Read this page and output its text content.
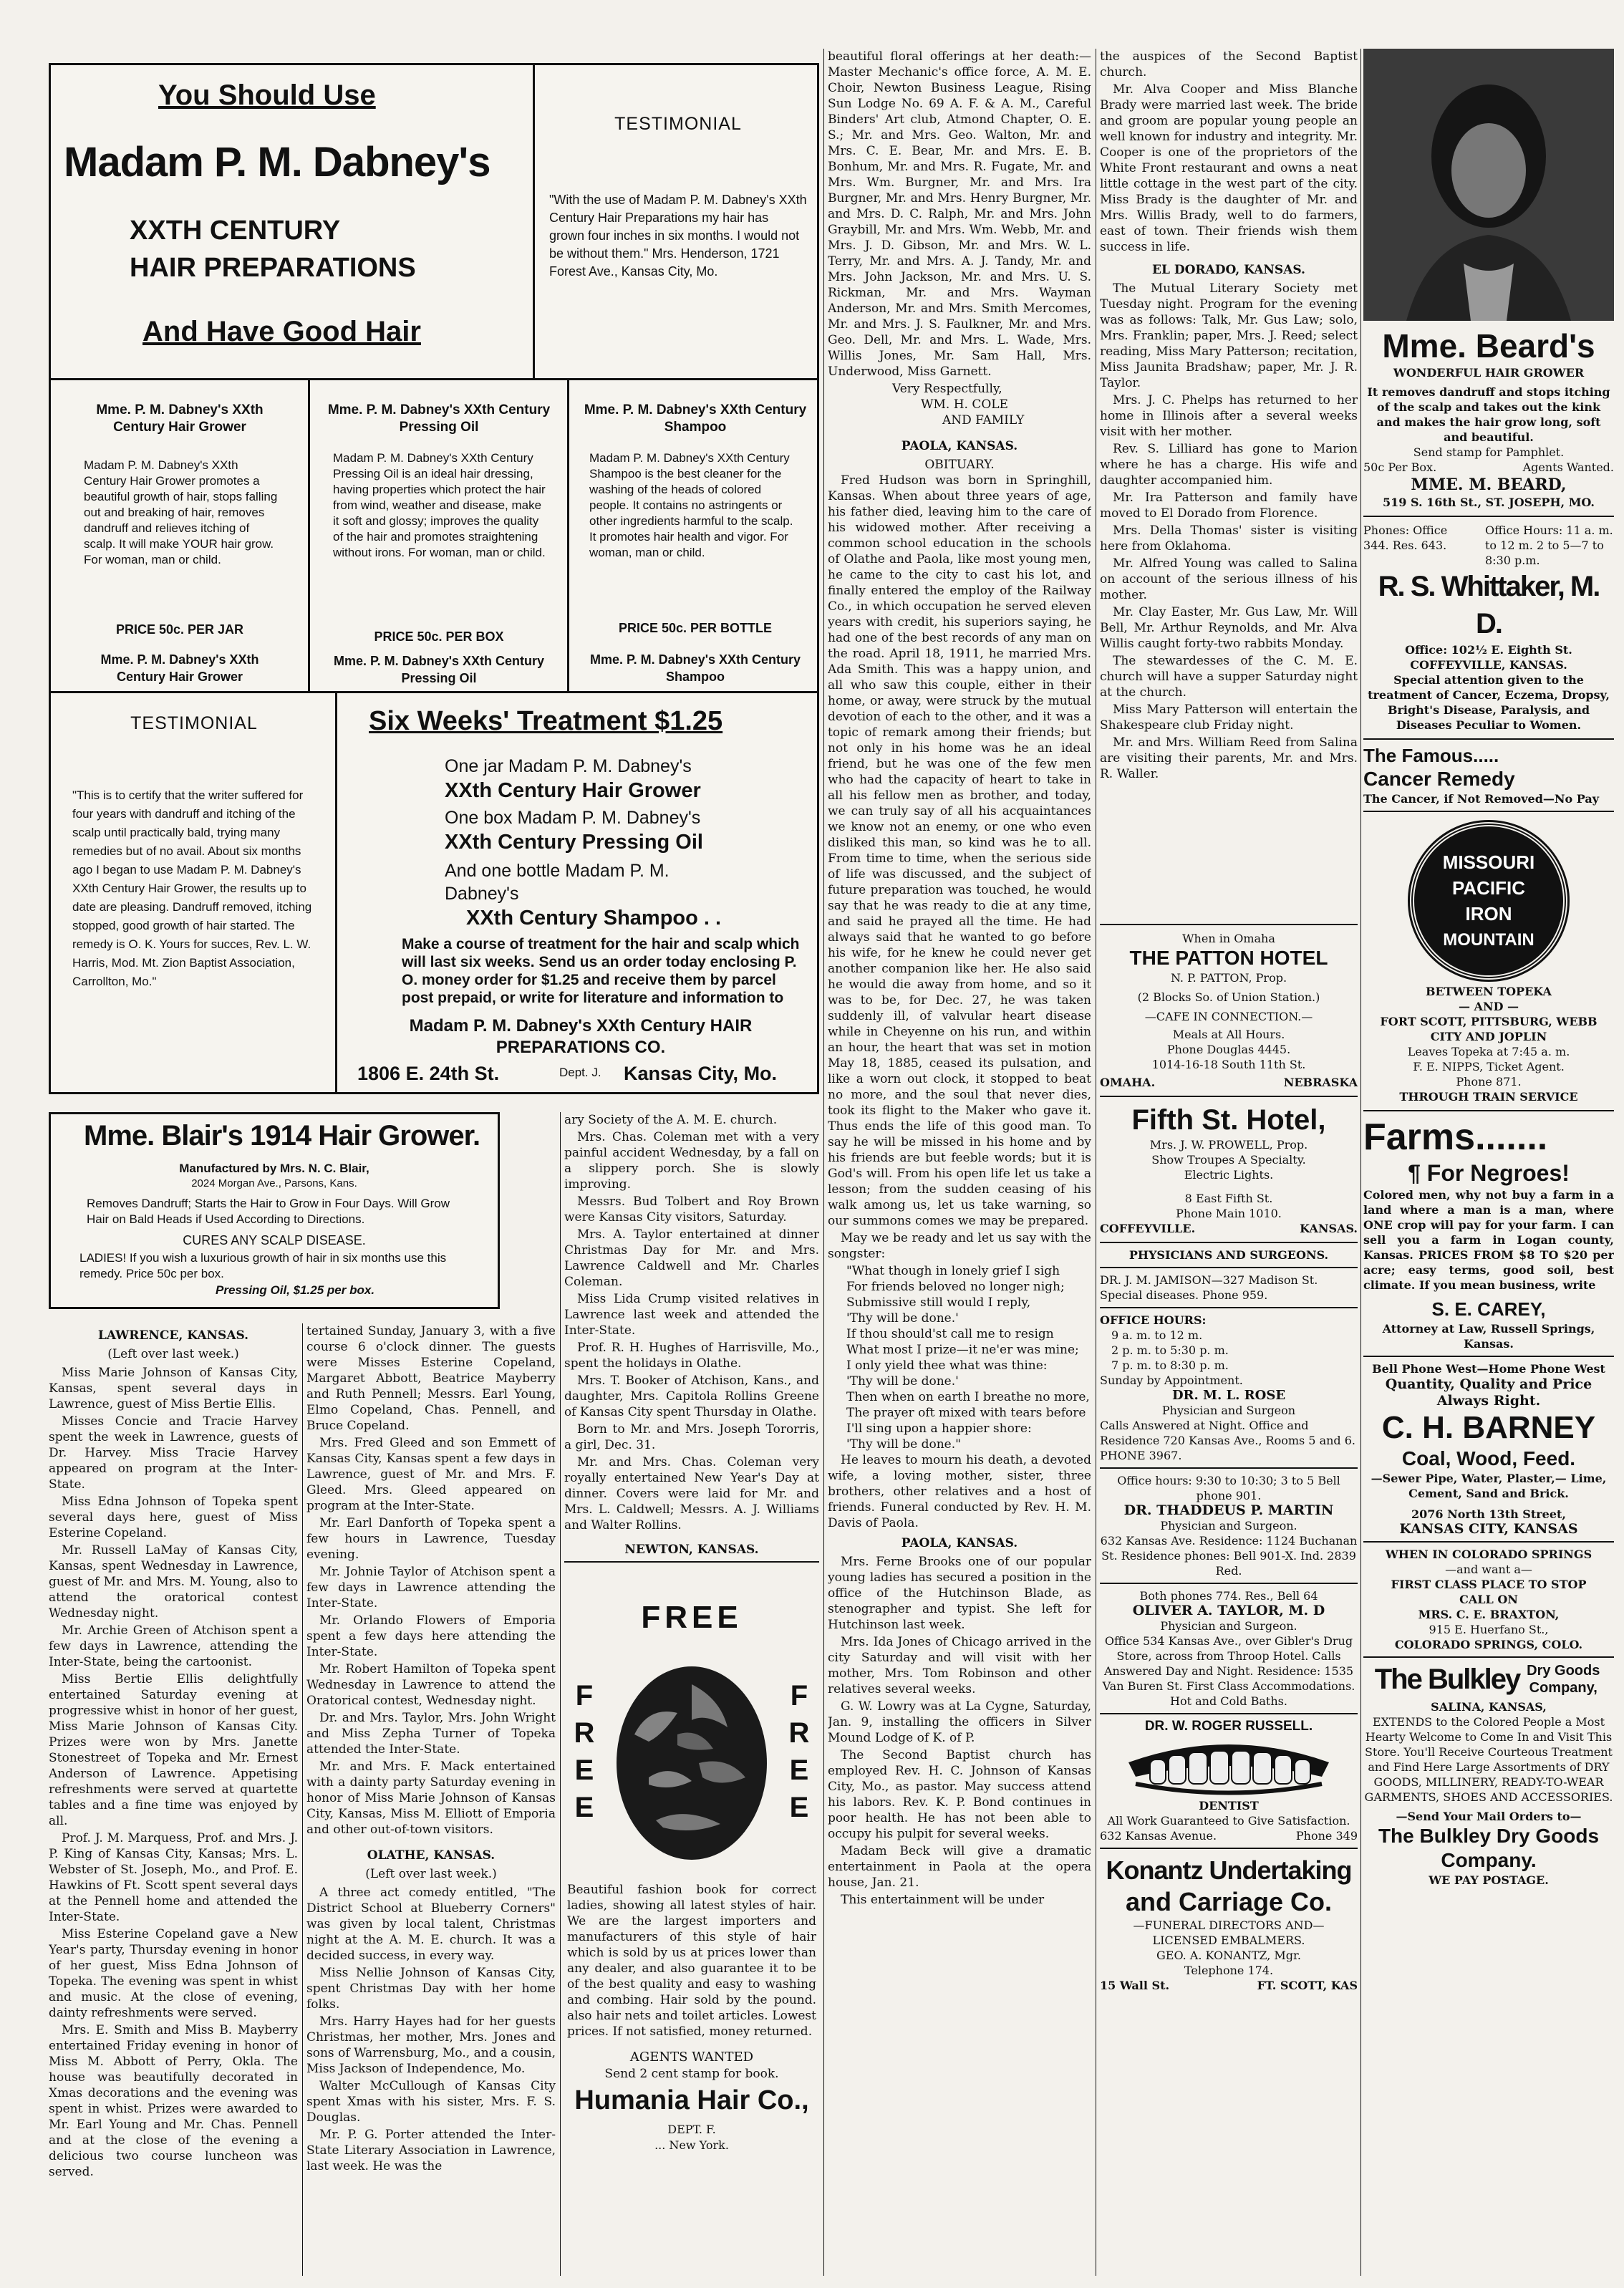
You Should Use
Madam P. M. Dabney's
XXTH CENTURY
HAIR PREPARATIONS
And Have Good Hair
TESTIMONIAL
"With the use of Madam P. M. Dabney's XXth Century Hair Preparations my hair has grown four inches in six months. I would not be without them." Mrs. Henderson, 1721 Forest Ave., Kansas City, Mo.
Mme. P. M. Dabney's XXth Century Hair Grower
Madam P. M. Dabney's XXth Century Hair Grower promotes a beautiful growth of hair, stops falling out and breaking of hair, removes dandruff and relieves itching of scalp. It will make YOUR hair grow. For woman, man or child.
PRICE 50c. PER JAR
Mme. P. M. Dabney's XXth Century Hair Grower
Mme. P. M. Dabney's XXth Century Pressing Oil
Madam P. M. Dabney's XXth Century Pressing Oil is an ideal hair dressing, having properties which protect the hair from wind, weather and disease, make it soft and glossy; improves the quality of the hair and promotes straightening without irons. For woman, man or child.
PRICE 50c. PER BOX
Mme. P. M. Dabney's XXth Century Pressing Oil
Mme. P. M. Dabney's XXth Century Shampoo
Madam P. M. Dabney's XXth Century Shampoo is the best cleaner for the washing of the heads of colored people. It contains no astringents or other ingredients harmful to the scalp. It promotes hair health and vigor. For woman, man or child.
PRICE 50c. PER BOTTLE
Mme. P. M. Dabney's XXth Century Shampoo
TESTIMONIAL
"This is to certify that the writer suffered for four years with dandruff and itching of the scalp until practically bald, trying many remedies but of no avail. About six months ago I began to use Madam P. M. Dabney's XXth Century Hair Grower, the results up to date are pleasing. Dandruff removed, itching stopped, good growth of hair started. The remedy is O. K. Yours for succes, Rev. L. W. Harris, Mod. Mt. Zion Baptist Association, Carrollton, Mo."
Six Weeks' Treatment $1.25
One jar Madam P. M. Dabney's
XXth Century Hair Grower
One box Madam P. M. Dabney's
XXth Century Pressing Oil
And one bottle Madam P. M. Dabney's
XXth Century Shampoo . .
Make a course of treatment for the hair and scalp which will last six weeks. Send us an order today enclosing P. O. money order for $1.25 and receive them by parcel post prepaid, or write for literature and information to
Madam P. M. Dabney's XXth Century HAIR PREPARATIONS CO.
1806 E. 24th St.	Dept. J. Kansas City, Mo.
Mme. Blair's 1914 Hair Grower.
Manufactured by Mrs. N. C. Blair,
2024 Morgan Ave., Parsons, Kans.
Removes Dandruff; Starts the Hair to Grow in Four Days. Will Grow Hair on Bald Heads if Used According to Directions.
CURES ANY SCALP DISEASE.
LADIES! If you wish a luxurious growth of hair in six months use this remedy. Price 50c per box.
Pressing Oil, $1.25 per box.
LAWRENCE, KANSAS.
(Left over last week.)

Miss Marie Johnson of Kansas City, Kansas, spent several days in Lawrence, guest of Miss Bertie Ellis.

Misses Concie and Tracie Harvey spent the week in Lawrence, guests of Dr. Harvey. Miss Tracie Harvey appeared on program at the Inter-State.

Miss Edna Johnson of Topeka spent several days here, guest of Miss Esterine Copeland.

Mr. Russell LaMay of Kansas City, Kansas, spent Wednesday in Lawrence, guest of Mr. and Mrs. M. Young, also to attend the oratorical contest Wednesday night.

Mr. Archie Green of Atchison spent a few days in Lawrence, attending the Inter-State, being the cartoonist.

Miss Bertie Ellis delightfully entertained Saturday evening at progressive whist in honor of her guest, Miss Marie Johnson of Kansas City. Prizes were won by Mrs. Janette Stonestreet of Topeka and Mr. Ernest Anderson of Lawrence. Appetising refreshments were served at quartette tables and a fine time was enjoyed by all.

Prof. J. M. Marquess, Prof. and Mrs. J. P. King of Kansas City, Kansas; Mrs. L. Webster of St. Joseph, Mo., and Prof. E. Hawkins of Ft. Scott spent several days at the Pennell home and attended the Inter-State.

Miss Esterine Copeland gave a New Year's party, Thursday evening in honor of her guest, Miss Edna Johnson of Topeka. The evening was spent in whist and music. At the close of evening, dainty refreshments were served.

Mrs. E. Smith and Miss B. Mayberry entertained Friday evening in honor of Miss M. Abbott of Perry, Okla. The house was beautifully decorated in Xmas decorations and the evening was spent in whist. Prizes were awarded to Mr. Earl Young and Mr. Chas. Pennell and at the close of the evening a delicious two course luncheon was served.

tertained Sunday, January 3, with a five course 6 o'clock dinner. The guests were Misses Esterine Copeland, Margaret Abbott, Beatrice Mayberry and Ruth Pennell; Messrs. Earl Young, Elmo Copeland, Chas. Pennell, and Bruce Copeland.

Mrs. Fred Gleed and son Emmett of Kansas City, Kansas spent a few days in Lawrence, guest of Mr. and Mrs. F. Gleed. Mrs. Gleed appeared on program at the Inter-State.

Mr. Earl Danforth of Topeka spent a few hours in Lawrence, Tuesday evening.

Mr. Johnie Taylor of Atchison spent a few days in Lawrence attending the Inter-State.

Mr. Orlando Flowers of Emporia spent a few days here attending the Inter-State.

Mr. Robert Hamilton of Topeka spent Wednesday in Lawrence to attend the Oratorical contest, Wednesday night.

Dr. and Mrs. Taylor, Mrs. John Wright and Miss Zepha Turner of Topeka attended the Inter-State.

Mr. and Mrs. F. Mack entertained with a dainty party Saturday evening in honor of Miss Marie Johnson of Kansas City, Kansas, Miss M. Elliott of Emporia and other out-of-town visitors.

OLATHE, KANSAS.
(Left over last week.)

A three act comedy entitled, "The District School at Blueberry Corners" was given by local talent, Christmas night at the A. M. E. church. It was a decided success, in every way.

Miss Nellie Johnson of Kansas City, spent Christmas Day with her home folks.

Mrs. Harry Hayes had for her guests Christmas, her mother, Mrs. Jones and sons of Warrensburg, Mo., and a cousin, Miss Jackson of Independence, Mo.

Walter McCullough of Kansas City spent Xmas with his sister, Mrs. F. S. Douglas.

Mr. P. G. Porter attended the Inter-State Literary Association in Lawrence, last week. He was the

ary Society of the A. M. E. church.

Mrs. Chas. Coleman met with a very painful accident Wednesday, by a fall on a slippery porch. She is slowly improving.

Messrs. Bud Tolbert and Roy Brown were Kansas City visitors, Saturday.

Mrs. A. Taylor entertained at dinner Christmas Day for Mr. and Mrs. Lawrence Caldwell and Mr. Charles Coleman.

Miss Lida Crump visited relatives in Lawrence last week and attended the Inter-State.

Prof. R. H. Hughes of Harrisville, Mo., spent the holidays in Olathe.

Mrs. T. Booker of Atchison, Kans., and daughter, Mrs. Capitola Rollins Greene of Kansas City spent Thursday in Olathe.

Born to Mr. and Mrs. Joseph Tororris, a girl, Dec. 31.

Mr. and Mrs. Chas. Coleman very royally entertained New Year's Day at dinner. Covers were laid for Mr. and Mrs. L. Caldwell; Messrs. A. J. Williams and Walter Rollins.

NEWTON, KANSAS.

FREE
FREE
FREE
Beautiful fashion book for correct ladies, showing all latest styles of hair. We are the largest importers and manufacturers of this style of hair which is sold by us at prices lower than any dealer, and also guarantee it to be of the best quality and easy to washing and combing. Hair sold by the pound. also hair nets and toilet articles. Lowest prices. If not satisfied, money returned.
AGENTS WANTED
Send 2 cent stamp for book.
Humania Hair Co.,
DEPT. F.
... New York.

beautiful floral offerings at her death:— Master Mechanic's office force, A. M. E. Choir, Newton Business League, Rising Sun Lodge No. 69 A. F. & A. M., Careful Binders' Art club, Atmond Chapter, O. E. S.; Mr. and Mrs. Geo. Walton, Mr. and Mrs. C. E. Bear, Mr. and Mrs. E. B. Bonhum, Mr. and Mrs. R. Fugate, Mr. and Mrs. Wm. Burgner, Mr. and Mrs. Ira Burgner, Mr. and Mrs. Henry Burgner, Mr. and Mrs. D. C. Ralph, Mr. and Mrs. John Graybill, Mr. and Mrs. Wm. Webb, Mr. and Mrs. J. D. Gibson, Mr. and Mrs. W. L. Terry, Mr. and Mrs. A. J. Tandy, Mr. and Mrs. John Jackson, Mr. and Mrs. U. S. Rickman, Mr. and Mrs. Wayman Anderson, Mr. and Mrs. Smith Mercomes, Mr. and Mrs. J. S. Faulkner, Mr. and Mrs. Geo. Dell, Mr. and Mrs. L. Wade, Mrs. Willis Jones, Mr. Sam Hall, Mrs. Underwood, Miss Garnett.

Very Respectfully,
WM. H. COLE
AND FAMILY
PAOLA, KANSAS.
OBITUARY.

Fred Hudson was born in Springhill, Kansas. When about three years of age, his father died, leaving him to the care of his widowed mother. After receiving a common school education in the schools of Olathe and Paola, like most young men, he came to the city to cast his lot, and finally entered the employ of the Railway Co., in which occupation he served eleven years with credit, his superiors saying, he had one of the best records of any man on the road. April 18, 1911, he married Mrs. Ada Smith. This was a happy union, and all who saw this couple, either in their home, or away, were struck by the mutual devotion of each to the other, and it was a topic of remark among their friends; but not only in his home was he an ideal friend, but he was one of the few men who had the capacity of heart to take in all his fellow men as brother, and today, we can truly say of all his acquaintances we know not an enemy, or one who even disliked this man, so kind was he to all. From time to time, when the serious side of life was discussed, and the subject of future preparation was touched, he would say that he was ready to die at any time, and said he prayed all the time. He had always said that he wanted to go before his wife, for he knew he could never get another companion like her. He also said he would die away from home, and so it was to be, for Dec. 27, he was taken suddenly ill, of valvular heart disease while in Cheyenne on his run, and within an hour, the heart that was set in motion May 18, 1885, ceased its pulsation, and like a worn out clock, it stopped to beat no more, and the soul that never dies, took its flight to the Maker who gave it. Thus ends the life of this good man. To say he will be missed in his home and by his friends are but feeble words; but it is God's will. From his open life let us take a lesson; from the sudden ceasing of his walk among us, let us take warning, so our summons comes we may be prepared.

May we be ready and let us say with the songster:

"What though in lonely grief I sigh
For friends beloved no longer nigh;
Submissive still would I reply,
'Thy will be done.'
If thou should'st call me to resign
What most I prize—it ne'er was mine;
I only yield thee what was thine:
'Thy will be done.'
Then when on earth I breathe no more,
The prayer oft mixed with tears before
I'll sing upon a happier shore:
'Thy will be done."

He leaves to mourn his death, a devoted wife, a loving mother, sister, three brothers, other relatives and a host of friends. Funeral conducted by Rev. H. M. Davis of Paola.

PAOLA, KANSAS.

Mrs. Ferne Brooks one of our popular young ladies has secured a position in the office of the Hutchinson Blade, as stenographer and typist. She left for Hutchinson last week.

Mrs. Ida Jones of Chicago arrived in the city Saturday and will visit with her mother, Mrs. Tom Robinson and other relatives several weeks.

G. W. Lowry was at La Cygne, Saturday, Jan. 9, installing the officers in Silver Mound Lodge of K. of P.

The Second Baptist church has employed Rev. H. C. Johnson of Kansas City, Mo., as pastor. May success attend his labors. Rev. K. P. Bond continues in poor health. He has not been able to occupy his pulpit for several weeks.

Madam Beck will give a dramatic entertainment in Paola at the opera house, Jan. 21.

This entertainment will be under

the auspices of the Second Baptist church.

Mr. Alva Cooper and Miss Blanche Brady were married last week. The bride and groom are popular young people an well known for industry and integrity. Mr. Cooper is one of the proprietors of the White Front restaurant and owns a neat little cottage in the west part of the city. Miss Brady is the daughter of Mr. and Mrs. Willis Brady, well to do farmers, east of town. Their friends wish them success in life.

EL DORADO, KANSAS.

The Mutual Literary Society met Tuesday night. Program for the evening was as follows: Talk, Mr. Gus Law; solo, Mrs. Franklin; paper, Mrs. J. Reed; select reading, Miss Mary Patterson; recitation, Miss Jaunita Bradshaw; paper, Mr. J. R. Taylor.

Mrs. J. C. Phelps has returned to her home in Illinois after a several weeks visit with her mother.

Rev. S. Lilliard has gone to Marion where he has a charge. His wife and daughter accompanied him.

Mr. Ira Patterson and family have moved to El Dorado from Florence.

Mrs. Della Thomas' sister is visiting here from Oklahoma.

Mr. Alfred Young was called to Salina on account of the serious illness of his mother.

Mr. Clay Easter, Mr. Gus Law, Mr. Will Bell, Mr. Arthur Reynolds, and Mr. Alva Willis caught forty-two rabbits Monday.

The stewardesses of the C. M. E. church will have a supper Saturday night at the church.

Miss Mary Patterson will entertain the Shakespeare club Friday night.

Mr. and Mrs. William Reed from Salina are visiting their parents, Mr. and Mrs. R. Waller.

When in Omaha
THE PATTON HOTEL
N. P. PATTON, Prop.
(2 Blocks So. of Union Station.)
—CAFE IN CONNECTION.—
Meals at All Hours.
Phone Douglas 4445.
1014-16-18 South 11th St.
OMAHA.	NEBRASKA
Fifth St. Hotel,
Mrs. J. W. PROWELL, Prop.
Show Troupes A Specialty.
Electric Lights.
8 East Fifth St.
Phone Main 1010.
COFFEYVILLE.	KANSAS.
PHYSICIANS AND SURGEONS.
DR. J. M. JAMISON—327 Madison St. Special diseases. Phone 959.
OFFICE HOURS:
9 a. m. to 12 m.
2 p. m. to 5:30 p. m.
7 p. m. to 8:30 p. m.
Sunday by Appointment.
DR. M. L. ROSE
Physician and Surgeon
Calls Answered at Night. Office and Residence 720 Kansas Ave., Rooms 5 and 6. PHONE 3967.
Office hours: 9:30 to 10:30; 3 to 5 Bell phone 901.
DR. THADDEUS P. MARTIN
Physician and Surgeon.
632 Kansas Ave. Residence: 1124 Buchanan St. Residence phones: Bell 901-X. Ind. 2839 Red.
Both phones 774. Res., Bell 64
OLIVER A. TAYLOR, M. D
Physician and Surgeon.
Office 534 Kansas Ave., over Gibler's Drug Store, across from Throop Hotel. Calls Answered Day and Night. Residence: 1535 Van Buren St. First Class Accommodations. Hot and Cold Baths.
DR. W. ROGER RUSSELL.
DENTIST
All Work Guaranteed to Give Satisfaction.
632 Kansas Avenue.	Phone 349
Konantz Undertaking
and Carriage Co.
—FUNERAL DIRECTORS AND— LICENSED EMBALMERS.
GEO. A. KONANTZ, Mgr.
Telephone 174.
15 Wall St.	FT. SCOTT, KAS
Mme. Beard's
WONDERFUL HAIR GROWER
It removes dandruff and stops itching of the scalp and takes out the kink and makes the hair grow long, soft and beautiful.
Send stamp for Pamphlet.
50c Per Box.	Agents Wanted.
MME. M. BEARD,
519 S. 16th St., ST. JOSEPH, MO.
Phones: Office 344. Res. 643.
Office Hours: 11 a. m. to 12 m. 2 to 5—7 to 8:30 p.m.
R. S. Whittaker, M. D.
Office: 102½ E. Eighth St.
COFFEYVILLE, KANSAS.
Special attention given to the treatment of Cancer, Eczema, Dropsy, Bright's Disease, Paralysis, and Diseases Peculiar to Women.
The Famous.....
Cancer Remedy
The Cancer, if Not Removed—No Pay
MISSOURI
PACIFIC
IRON
MOUNTAIN
BETWEEN TOPEKA
— AND —
FORT SCOTT, PITTSBURG, WEBB CITY AND JOPLIN
Leaves Topeka at 7:45 a. m.
F. E. NIPPS, Ticket Agent.
Phone 871.
THROUGH TRAIN SERVICE
Farms.......
¶ For Negroes!
Colored men, why not buy a farm in a land where a man is a man, where ONE crop will pay for your farm. I can sell you a farm in Logan county, Kansas. PRICES FROM $8 TO $20 per acre; easy terms, good soil, best climate. If you mean business, write
S. E. CAREY,
Attorney at Law, Russell Springs, Kansas.
Bell Phone West—Home Phone West
Quantity, Quality and Price Always Right.
C. H. BARNEY
Coal, Wood, Feed.
—Sewer Pipe, Water, Plaster,— Lime, Cement, Sand and Brick.
2076 North 13th Street,
KANSAS CITY, KANSAS
WHEN IN COLORADO SPRINGS
—and want a—
FIRST CLASS PLACE TO STOP
CALL ON
MRS. C. E. BRAXTON,
915 E. Huerfano St.,
COLORADO SPRINGS, COLO.
The Bulkley Dry Goods Company,
SALINA, KANSAS,
EXTENDS to the Colored People a Most Hearty Welcome to Come In and Visit This Store. You'll Receive Courteous Treatment and Find Here Large Assortments of DRY GOODS, MILLINERY, READY-TO-WEAR GARMENTS, SHOES AND ACCESSORIES.
—Send Your Mail Orders to—
The Bulkley Dry Goods Company.
WE PAY POSTAGE.
